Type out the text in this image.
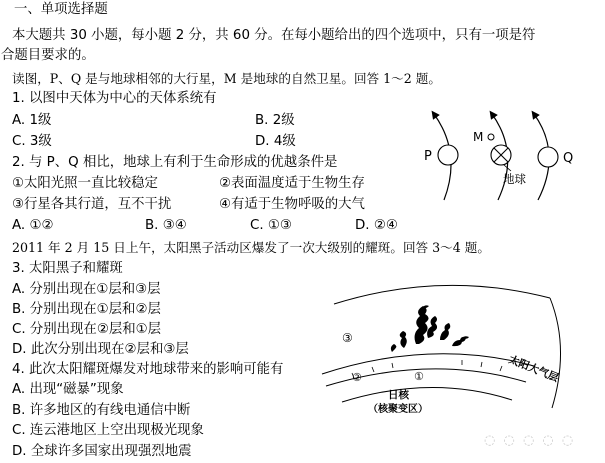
一、单项选择题
本大题共 30 小题，每小题 2 分，共 60 分。在每小题给出的四个选项中，只有一项是符
合题目要求的。
读图，P、Q 是与地球相邻的大行星，M 是地球的自然卫星。回答 1～2 题。
1. 以图中天体为中心的天体系统有
A. 1级	B. 2级
C. 3级	D. 4级
2. 与 P、Q 相比，地球上有利于生命形成的优越条件是
①太阳光照一直比较稳定	②表面温度适于生物生存
③行星各其行道，互不干扰	④有适于生物呼吸的大气
A. ①②	B. ③④	C. ①③	D. ②④
2011 年 2 月 15 日上午，太阳黑子活动区爆发了一次大级别的耀斑。回答 3～4 题。
3. 太阳黑子和耀斑
A. 分别出现在①层和③层
B. 分别出现在①层和②层
C. 分别出现在②层和①层
D. 此次分别出现在②层和③层
4. 此次太阳耀斑爆发对地球带来的影响可能有
A. 出现“磁暴”现象
B. 许多地区的有线电通信中断
C. 连云港地区上空出现极光现象
D. 全球许多国家出现强烈地震
P
M
地球
Q
③
②	①	太阳大气层
日核
（核聚变区）
◌ ◌ ◌ ◌ ◌
